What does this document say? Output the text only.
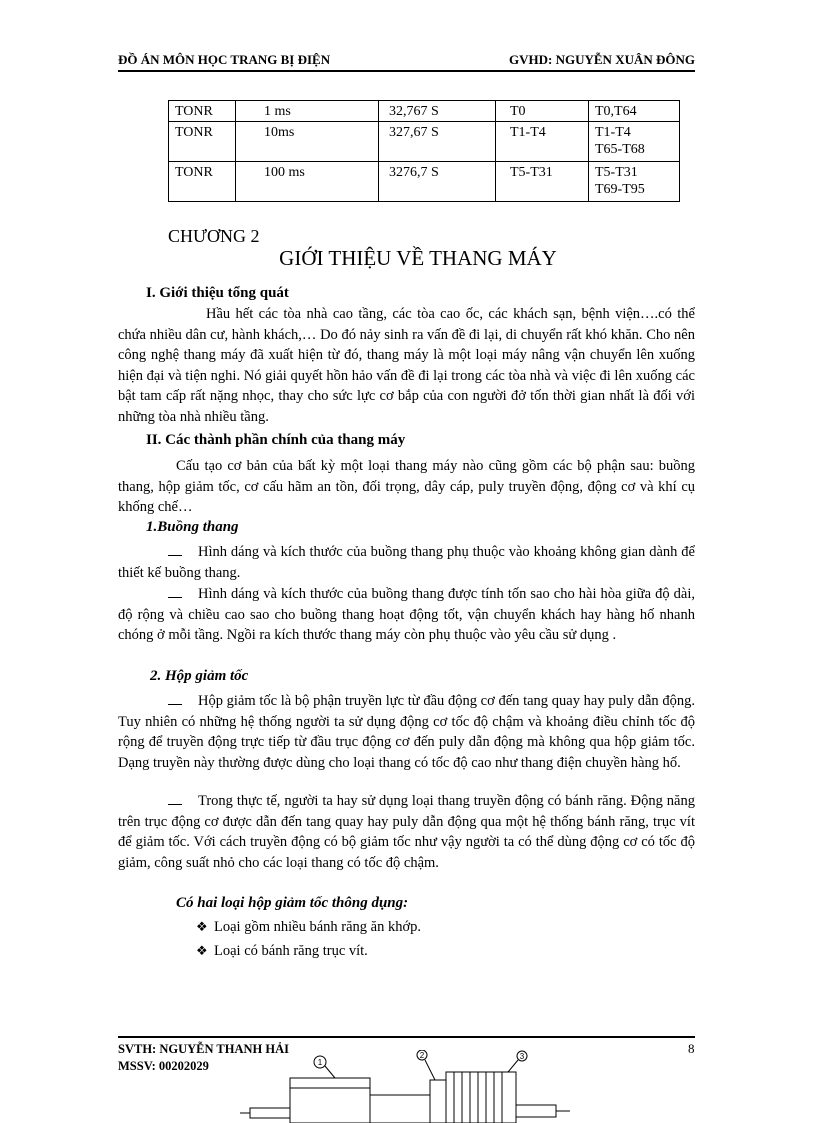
ĐỒ ÁN MÔN HỌC TRANG BỊ ĐIỆN	GVHD: NGUYỄN XUÂN ĐÔNG
TONR	1 ms	32,767 S	T0	T0,T64
TONR	10ms	327,67 S	T1-T4	T1-T4
T65-T68
TONR	100 ms	3276,7 S	T5-T31	T5-T31
T69-T95
CHƯƠNG 2
GIỚI THIỆU VỀ THANG MÁY
I. Giới thiệu tổng quát
Hầu hết các tòa nhà cao tầng, các tòa cao ốc, các khách sạn, bệnh viện….có thể chứa nhiều dân cư, hành khách,… Do đó nảy sinh ra vấn đề đi lại, di chuyển rất khó khăn. Cho nên công nghệ thang máy đã xuất hiện từ đó, thang máy là một loại máy nâng vận chuyển lên xuống hiện đại và tiện nghi. Nó giải quyết hồn hảo vấn đề đi lại trong các tòa nhà và việc đi lên xuống các bật tam cấp rất nặng nhọc, thay cho sức lực cơ bắp của con người đở tốn thời gian nhất là đối với những tòa nhà nhiều tầng.
II. Các thành phần chính của thang máy
Cấu tạo cơ bản của bất kỳ một loại thang máy nào cũng gồm các bộ phận sau: buồng thang, hộp giảm tốc, cơ cấu hãm an tồn, đối trọng, dây cáp, puly truyền động, động cơ và khí cụ khống chế…
1.Buồng thang
Hình dáng và kích thước của buồng thang phụ thuộc vào khoảng không gian dành để thiết kế buồng thang.
Hình dáng và kích thước của buồng thang được tính tốn sao cho hài hòa giữa độ dài, độ rộng và chiều cao sao cho buồng thang hoạt động tốt, vận chuyển khách hay hàng hố nhanh chóng ở mỗi tầng. Ngồi ra kích thước thang máy còn phụ thuộc vào yêu cầu sử dụng .
2. Hộp giảm tốc
Hộp giảm tốc là bộ phận truyền lực từ đầu động cơ đến tang quay hay puly dẫn động. Tuy nhiên có những hệ thống người ta sử dụng động cơ tốc độ chậm và khoảng điều chỉnh tốc độ rộng để truyền động trực tiếp từ đầu trục động cơ đến puly dẫn động mà không qua hộp giảm tốc. Dạng truyền này thường được dùng cho loại thang có tốc độ cao như thang điện chuyền hàng hố.
Trong thực tế, người ta hay sử dụng loại thang truyền động có bánh răng. Động năng trên trục động cơ được dẫn đến tang quay hay puly dẫn động qua một hệ thống bánh răng, trục vít để giảm tốc. Với cách truyền động có bộ giảm tốc như vậy người ta có thể dùng động cơ có tốc độ giảm, công suất nhỏ cho các loại thang có tốc độ chậm.
Có hai loại hộp giảm tốc thông dụng:
❖ Loại gồm nhiều bánh răng ăn khớp.
❖ Loại có bánh răng trục vít.
SVTH: NGUYỄN THANH HẢI
MSSV: 00202029
8
1
2	3
